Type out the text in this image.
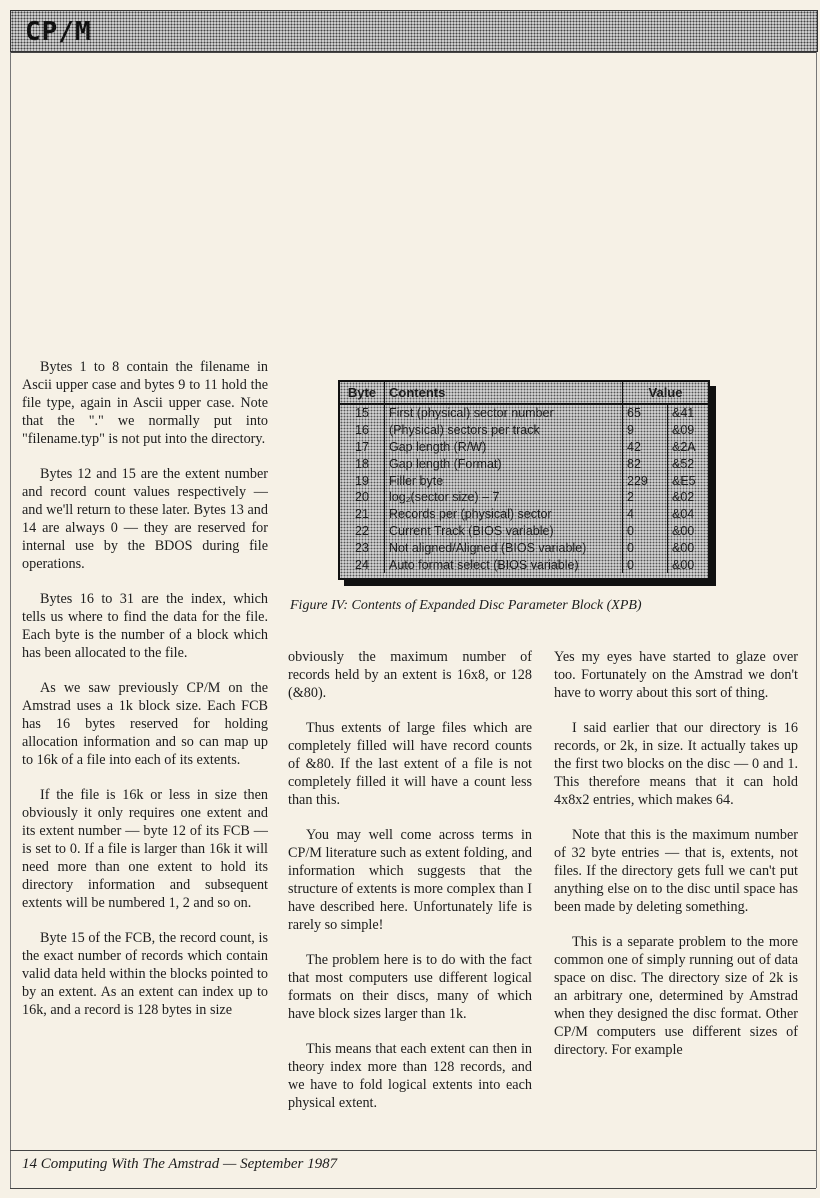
CP/M

Bytes 1 to 8 contain the filename in Ascii upper case and bytes 9 to 11 hold the file type, again in Ascii upper case. Note that the "." we normally put into "filename.typ" is not put into the directory.

Bytes 12 and 15 are the extent number and record count values respectively — and we'll return to these later. Bytes 13 and 14 are always 0 — they are reserved for internal use by the BDOS during file operations.

Bytes 16 to 31 are the index, which tells us where to find the data for the file. Each byte is the number of a block which has been allocated to the file.

As we saw previously CP/M on the Amstrad uses a 1k block size. Each FCB has 16 bytes reserved for holding allocation information and so can map up to 16k of a file into each of its extents.

If the file is 16k or less in size then obviously it only requires one extent and its extent number — byte 12 of its FCB — is set to 0. If a file is larger than 16k it will need more than one extent to hold its directory information and subsequent extents will be numbered 1, 2 and so on.

Byte 15 of the FCB, the record count, is the exact number of records which contain valid data held within the blocks pointed to by an extent. As an extent can index up to 16k, and a record is 128 bytes in size

Byte	Contents	Value	
15	First (physical) sector number	65	&41
16	(Physical) sectors per track	9	&09
17	Gap length (R/W)	42	&2A
18	Gap length (Format)	82	&52
19	Filler byte	229	&E5
20	log₂(sector size) – 7	2	&02
21	Records per (physical) sector	4	&04
22	Current Track (BIOS variable)	0	&00
23	Not aligned/Aligned (BIOS variable)	0	&00
24	Auto format select (BIOS variable)	0	&00
Figure IV: Contents of Expanded Disc Parameter Block (XPB)

obviously the maximum number of records held by an extent is 16x8, or 128 (&80).

Thus extents of large files which are completely filled will have record counts of &80. If the last extent of a file is not completely filled it will have a count less than this.

You may well come across terms in CP/M literature such as extent folding, and information which suggests that the structure of extents is more complex than I have described here. Unfortunately life is rarely so simple!

The problem here is to do with the fact that most computers use different logical formats on their discs, many of which have block sizes larger than 1k.

This means that each extent can then in theory index more than 128 records, and we have to fold logical extents into each physical extent.

Yes my eyes have started to glaze over too. Fortunately on the Amstrad we don't have to worry about this sort of thing.

I said earlier that our directory is 16 records, or 2k, in size. It actually takes up the first two blocks on the disc — 0 and 1. This therefore means that it can hold 4x8x2 entries, which makes 64.

Note that this is the maximum number of 32 byte entries — that is, extents, not files. If the directory gets full we can't put anything else on to the disc until space has been made by deleting something.

This is a separate problem to the more common one of simply running out of data space on disc. The directory size of 2k is an arbitrary one, determined by Amstrad when they designed the disc format. Other CP/M computers use different sizes of directory. For example

14 Computing With The Amstrad — September 1987
